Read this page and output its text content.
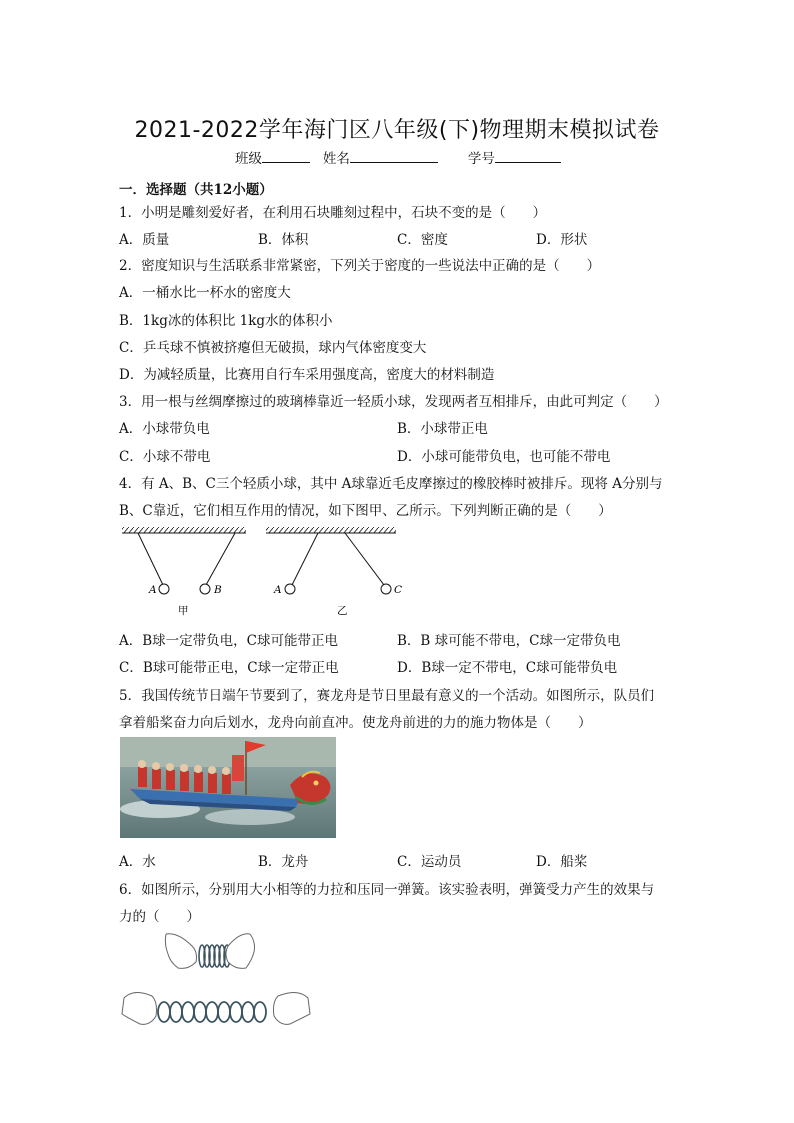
2021-2022学年海门区八年级(下)物理期末模拟试卷
班级	姓名	学号
一．选择题（共12小题）
1．小明是雕刻爱好者，在利用石块雕刻过程中，石块不变的是（　　）
A．质量	B．体积	C．密度	D．形状
2．密度知识与生活联系非常紧密，下列关于密度的一些说法中正确的是（　　）
A．一桶水比一杯水的密度大
B．1kg冰的体积比 1kg水的体积小
C．乒乓球不慎被挤瘪但无破损，球内气体密度变大
D．为减轻质量，比赛用自行车采用强度高，密度大的材料制造
3．用一根与丝绸摩擦过的玻璃棒靠近一轻质小球，发现两者互相排斥，由此可判定（　　）
A．小球带负电	B．小球带正电
C．小球不带电	D．小球可能带负电，也可能不带电
4．有 A、B、C三个轻质小球，其中 A球靠近毛皮摩擦过的橡胶棒时被排斥。现将 A分别与
B、C靠近，它们相互作用的情况，如下图甲、乙所示。下列判断正确的是（　　）
A	B
甲
A	C
乙
A．B球一定带负电，C球可能带正电	B．B 球可能不带电，C球一定带负电
C．B球可能带正电，C球一定带正电	D．B球一定不带电，C球可能带负电
5．我国传统节日端午节要到了，赛龙舟是节日里最有意义的一个活动。如图所示，队员们
拿着船桨奋力向后划水，龙舟向前直冲。使龙舟前进的力的施力物体是（　　）
A．水	B．龙舟	C．运动员	D．船桨
6．如图所示，分别用大小相等的力拉和压同一弹簧。该实验表明，弹簧受力产生的效果与
力的（　　）
